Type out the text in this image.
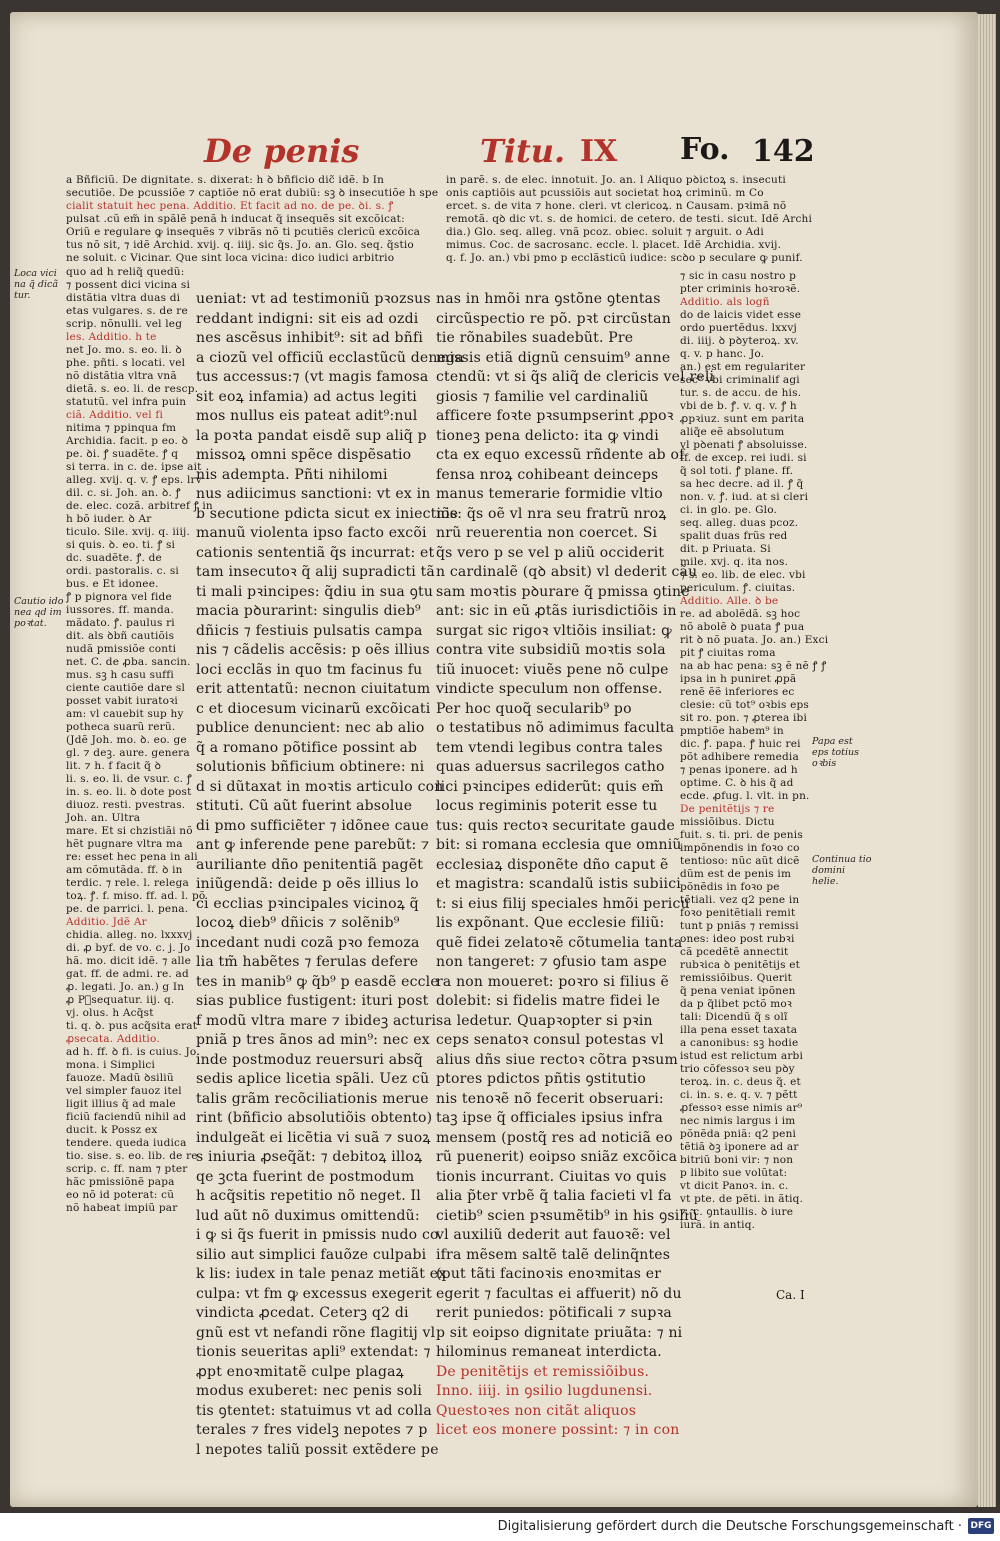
De penis	Titu. IX Fo. 142
a Bñficiũ. De dignitate. s. dixerat: h ꝺ bñficio dic̃ idẽ. b In
secutiõe. De pcussiõe ⁊ captiõe nõ erat dubiũ: sꝫ ꝺ insecutiõe h spe
cialit statuit hec pena. Additio. Et facit ad no. de pe. ꝺi. s. ꝭ
pulsat .cũ em̃ in spãlẽ penã h inducat q̃ insequẽs sit excõicat:
Oriũ e regulare ꝙ insequẽs ⁊ vibrãs nõ ti pcutiẽs clericũ excõica
tus nõ sit, ⁊ idẽ Archid. xvij. q. iiij. sic q̃s. Jo. an. Glo. seq. q̃stio
ne soluit. c Vicinar. Que sint loca vicina: dico iudici arbitrio
quo ad h reliq̃ quedũ:
⁊ possent dici vicina si
distãtia vltra duas di
etas vulgares. s. de re
scrip. nõnulli. vel leg
les. Additio. h te
net Jo. mo. s. eo. li. ꝺ
phe. pñti. s locati. vel
nõ distãtia vltra vnã
dietã. s. eo. li. de rescp.
statutũ. vel infra puin
ciã. Additio. vel fi
nitima ⁊ ppinqua fm
Archidia. facit. p eo. ꝺ
pe. ꝺi. ꝭ suadẽte. ꝭ q
si terra. in c. de. ipse ait
alleg. xvij. q. v. ꝭ eps. lrv
dil. c. si. Joh. an. ꝺ. ꝭ
de. elec. cozã. arbitref ꝭ in
h bõ iuder. ꝺ Ar
ticulo. Sile. xvij. q. iiij.
si quis. ꝺ. eo. ti. ꝭ si
dc. suadẽte. ꝭ. de
ordi. pastoralis. c. si
bus. e Et idonee.
ꝭ p pignora vel fide
iussores. ff. manda.
mãdato. ꝭ. paulus ri
dit. als ꝺbñ cautiõis
nudã pmissiõe conti
net. C. de ꝓba. sancin.
mus. sꝫ h casu suffi
ciente cautiõe dare sl
posset vabit iuratoꝛi
am: vl cauebit sup hy
potheca suarũ rerũ.
(Jdẽ Joh. mo. ꝺ. eo. ge
gl. ⁊ deꝫ. aure. genera
lit. ⁊ h. f facit q̃ ꝺ
li. s. eo. li. de vsur. c. ꝭ
in. s. eo. li. ꝺ dote post
diuoz. resti. pvestras.
Joh. an. Ultra
mare. Et si chzistiãi nõ
hẽt pugnare vltra ma
re: esset hec pena in ali
am cõmutãda. ff. ꝺ in
terdic. ⁊ rele. l. relega
toꝝ. ꝭ. f. miso. ff. ad. l. põ
pe. de parrici. l. pena.
Additio. Jdẽ Ar
chidia. alleg. no. lxxxvj
di. ꝓ byf. de vo. c. j. Jo
hã. mo. dicit idẽ. ⁊ alle
gat. ff. de admi. re. ad
ꝓ. legati. Jo. an.) g In
ꝓ Pᷓsequatur. iij. q.
vj. olus. h Acq̃st
ti. q. ꝺ. pus acq̃sita erat
ꝓsecata. Additio.
ad h. ff. ꝺ fi. is cuius. Jo.
mona. i Simplici
fauoze. Madũ ꝺsiliũ
vel simpler fauoz itel
ligit illius q̃ ad male
ficiũ faciendũ nihil ad
ducit. k Possz ex
tendere. queda iudica
tio. sise. s. eo. lib. de re
scrip. c. ff. nam ⁊ pter
hãc pmissiõnẽ papa
eo nõ id poterat: cũ
nõ habeat impiũ par
ueniat: vt ad testimoniũ pꝛozsus
reddant indigni: sit eis ad ozdi
nes ascẽsus inhibit⁹: sit ad bñfi
a ciozũ vel officiũ ecclastũcũ denega
tus accessus:⁊ (vt magis famosa
sit eoꝝ infamia) ad actus legiti
mos nullus eis pateat adit⁹:nul
la poꝛta pandat eisdẽ sup aliq̃ p
missoꝝ omni spẽce dispẽsatio
nis adempta. Pñti nihilomi
nus adiicimus sanctioni: vt ex in
b secutione pdicta sicut ex iniectiõe
manuũ violenta ipso facto excõi
cationis sententiã q̃s incurrat: et
tam insecutoꝛ q̃ alij supradicti tã
ti mali pꝛincipes: q̃diu in sua ꝯtu
macia pꝺurarint: singulis dieb⁹
dñicis ⁊ festiuis pulsatis campa
nis ⁊ cãdelis accẽsis: p oẽs illius
loci ecclãs in quo tm facinus fu
erit attentatũ: necnon ciuitatum
c et diocesum vicinarũ excõicati
publice denuncient: nec ab alio
q̃ a romano põtifice possint ab
solutionis bñficium obtinere: ni
d si dũtaxat in moꝛtis articulo con
stituti. Cũ aũt fuerint absolue
di pmo sufficiẽter ⁊ idõnee caue
ant ꝙ inferende pene parebũt: ⁊
auriliante dño penitentiã pagẽt
iniũgendã: deide p oẽs illius lo
ci ecclias pꝛincipales vicinoꝝ q̃
locoꝝ dieb⁹ dñicis ⁊ solẽnib⁹
incedant nudi cozã pꝛo femoza
lia tm̃ habẽtes ⁊ ferulas defere
tes in manib⁹ ꝙ q̃b⁹ p easdẽ eccle
sias publice fustigent: ituri post
f modũ vltra mare ⁊ ibideꝫ acturi
pniã p tres ãnos ad min⁹: nec ex
inde postmoduz reuersuri absq̃
sedis aplice licetia spãli. Uez cũ
talis grãm recõciliationis merue
rint (bñficio absolutiõis obtento)
indulgeãt ei licẽtia vi suã ⁊ suoꝝ
s iniuria ꝓseq̃ãt: ⁊ debitoꝝ illoꝝ
qe ꝫcta fuerint de postmodum
h acq̃sitis repetitio nõ neget. Il
lud aũt nõ duximus omittendũ:
i ꝙ si q̃s fuerit in pmissis nudo co
silio aut simplici fauõze culpabi
k lis: iudex in tale penaz metiãt ex
culpa: vt fm ꝙ excessus exegerit
vindicta ꝓcedat. Ceterꝫ q2 di
gnũ est vt nefandi rõne flagitij vl
tionis seueritas apli⁹ extendat: ⁊
ꝓpt enoꝛmitatẽ culpe plagaꝝ
modus exuberet: nec penis soli
tis ꝯtentet: statuimus vt ad colla
terales ⁊ fres videlꝫ nepotes ⁊ p
l nepotes taliũ possit extẽdere pe
nas in hmõi nra ꝯstõne ꝯtentas
circũspectio re põ. pꝛt circũstan
tie rõnabiles suadebũt. Pre
missis etiã dignũ censuim⁹ anne
ctendũ: vt si q̃s aliq̃ de clericis vel reli
giosis ⁊ familie vel cardinaliũ
afficere foꝛte pꝛsumpserint ꝓpoꝛ
tioneꝫ pena delicto: ita ꝙ vindi
cta ex equo excessũ rñdente ab of
fensa nroꝝ cohibeant deinceps
manus temerarie formidie vltio
nis: q̃s oẽ vl nra seu fratrũ nroꝝ
nrũ reuerentia non coercet. Si
q̃s vero p se vel p aliũ occiderit
n cardinalẽ (qꝺ absit) vl dederit cãu
sam moꝛtis pꝺurare q̃ pmissa ꝯtine
ant: sic in eũ ꝓtãs iurisdictiõis in
surgat sic rigoꝛ vltiõis insiliat: ꝙ
contra vite subsidiũ moꝛtis sola
tiũ inuocet: viuẽs pene nõ culpe
vindicte speculum non offense.
Per hoc quoq̃ secularib⁹ po
o testatibus nõ adimimus faculta
tem vtendi legibus contra tales
quas aduersus sacrilegos catho
lici pꝛincipes ediderũt: quis em̃
locus regiminis poterit esse tu
tus: quis rectoꝛ securitate gaude
bit: si romana ecclesia que omniũ
ecclesiaꝝ disponẽte dño caput ẽ
et magistra: scandalũ istis subiici
t: si eius filij speciales hmõi pericu
lis expõnant. Que ecclesie filiũ:
quẽ fidei zelatoꝛẽ cõtumelia tanta
non tangeret: ⁊ ꝯfusio tam aspe
ra non moueret: poꝛro si filius ẽ
dolebit: si fidelis matre fidei le
sa ledetur. Quapꝛopter si pꝛin
ceps senatoꝛ consul potestas vl
alius dñs siue rectoꝛ cõtra pꝛsum
ptores pdictos pñtis ꝯstitutio
nis tenoꝛẽ nõ fecerit obseruari:
taꝫ ipse q̃ officiales ipsius infra
mensem (postq̃ res ad noticiã eo
rũ puenerit) eoipso sniãz excõica
tionis incurrant. Ciuitas vo quis
alia p̃ter vrbẽ q̃ talia facieti vl fa
cietib⁹ scien pꝛsumẽtib⁹ in his ꝯsiliũ
vl auxiliũ dederit aut fauoꝛẽ: vel
ifra mẽsem saltẽ talẽ delinq̃ntes
(put tãti facinoꝛis enoꝛmitas er
egerit ⁊ facultas ei affuerit) nõ du
rerit puniedos: pötificali ⁊ supꝛa
p sit eoipso dignitate priuãta: ⁊ ni
hilominus remaneat interdicta.
De penitẽtijs et remissiõibus.
Inno. iiij. in ꝯsilio lugdunensi.
Questoꝛes non citãt aliquos
licet eos monere possint: ⁊ in con
in parẽ. s. de elec. innotuit. Jo. an. l Aliquo pꝺictoꝝ s. insecuti
onis captiõis aut pcussiõis aut societat hoꝝ criminũ. m Co
ercet. s. de vita ⁊ hone. cleri. vt clericoꝝ. n Causam. pꝛimã nõ
remotã. qꝺ dic vt. s. de homici. de cetero. de testi. sicut. Idẽ Archi
dia.) Glo. seq. alleg. vnã pcoz. obiec. soluit ⁊ arguit. o Adi
mimus. Coc. de sacrosanc. eccle. l. placet. Idẽ Archidia. xvij.
q. f. Jo. an.) vbi pmo p ecclãsticũ iudice: scꝺo p seculare ꝙ punif.
⁊ sic in casu nostro p
pter criminis hoꝛroꝛẽ.
Additio. als logñ
do de laicis videt esse
ordo puertẽdus. lxxvj
di. iiij. ꝺ pꝺyteroꝝ. xv.
q. v. p hanc. Jo.
an.) est em regulariter
sec⁹ vbi criminalif agi
tur. s. de accu. de his.
vbi de b. ꝭ. v. q. v. ꝭ h
ꝓpꝛiuz. sunt em parita
aliq̃e eẽ absolutum
vl pꝺenati ꝭ absoluisse.
ff. de excep. rei iudi. si
q̃ sol toti. ꝭ plane. ff.
sa hec decre. ad il. ꝭ q̃
non. v. ꝭ. iud. at si cleri
ci. in glo. pe. Glo.
seq. alleg. duas pcoz.
spalit duas frũs red
dit. p Priuata. Si
mile. xvj. q. ita nos.
⁊ s. eo. lib. de elec. vbi
periculum. ꝭ. ciuitas.
Additio. Alle. ꝺ be
re. ad abolẽdã. sꝫ hoc
nõ abolẽ ꝺ puata ꝭ pua
rit ꝺ nõ puata. Jo. an.) Exci
pit ꝭ ciuitas roma
na ab hac pena: sꝫ ẽ nẽ ꝭ ꝭ
ipsa in h puniret ꝓpã
renẽ ẽẽ inferiores ec
clesie: cũ tot⁹ oꝛbis eps
sit ro. pon. ⁊ ꝓterea ibi
pmptiõe habem⁹ in
dic. ꝭ. papa. ꝭ huic rei
põt adhibere remedia
⁊ penas iponere. ad h
optime. C. ꝺ his q̃ ad
ecde. ꝓfug. l. vlt. in pn.
De penitẽtijs ⁊ re
missiõibus. Dictu
fuit. s. ti. pri. de penis
impõnendis in foꝛo co
tentioso: nũc aũt dicẽ
dũm est de penis im
põnẽdis in foꝛo pe
tẽtiali. vez q2 pene in
foꝛo penitẽtiali remit
tunt p pniãs ⁊ remissi
ones: ideo post rubꝛi
cã pcedẽtẽ annectit
rubꝛica ꝺ penitẽtijs et
remissiõibus. Querit
q̃ pena veniat ipõnen
da p q̃libet pctõ moꝛ
tali: Dicendũ q̃ s olĩ
illa pena esset taxata
a canonibus: sꝫ hodie
istud est relictum arbi
trio cõfessoꝛ seu pꝺy
teroꝝ. in. c. deus q̃. et
ci. in. s. e. q. v. ⁊ pẽtt
ꝓfessoꝛ esse nimis ar⁹
nec nimis largus i im
põnẽda pniã: q2 peni
tẽtiã ꝺꝫ iponere ad ar
bitriũ boni vir: ⁊ non
p libito sue volũtat:
vt dicit Panoꝛ. in. c.
vt pte. de pẽti. in ãtiq.
⁊. c. ꝯntaullis. ꝺ iure
iurã. in antiq.
Loca vici na q̃ dicã tur.
Cautio ido nea qd im poꝛtat.
Papa est eps totius oꝛbis
Continua tio domini helie.
Ca. I
Digitalisierung gefördert durch die Deutsche Forschungsgemeinschaft · DFG
